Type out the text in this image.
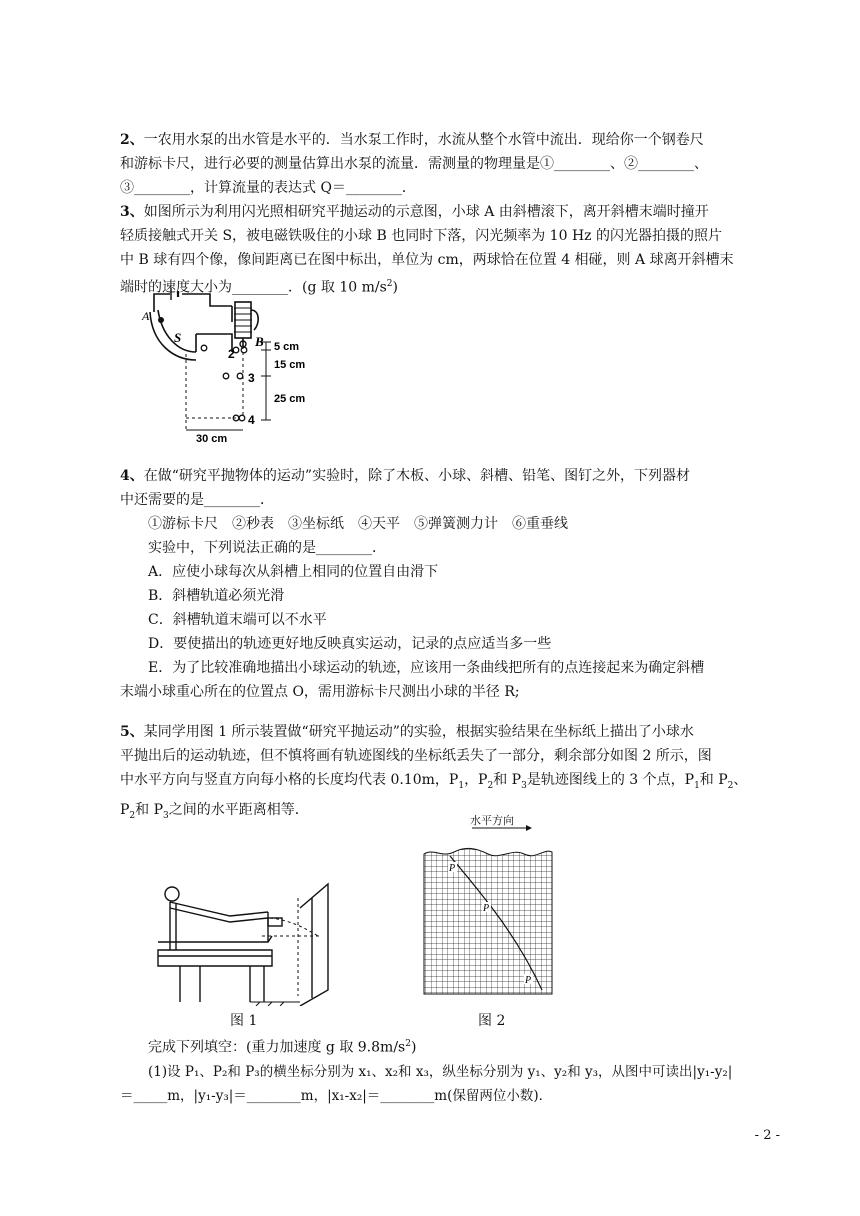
2、一农用水泵的出水管是水平的．当水泵工作时，水流从整个水管中流出．现给你一个钢卷尺

和游标卡尺，进行必要的测量估算出水泵的流量．需测量的物理量是①________、②________、

③________，计算流量的表达式 Q＝________．

3、如图所示为利用闪光照相研究平抛运动的示意图，小球 A 由斜槽滚下，离开斜槽末端时撞开

轻质接触式开关 S，被电磁铁吸住的小球 B 也同时下落，闪光频率为 10 Hz 的闪光器拍摄的照片

中 B 球有四个像，像间距离已在图中标出，单位为 cm，两球恰在位置 4 相碰，则 A 球离开斜槽末

端时的速度大小为________．(g 取 10 $m/s^2$)

A
S	B
2
3
4
5 cm
15 cm
25 cm
30 cm

4、在做“研究平抛物体的运动”实验时，除了木板、小球、斜槽、铅笔、图钉之外，下列器材

中还需要的是________．

①游标卡尺　②秒表　③坐标纸　④天平　⑤弹簧测力计　⑥重垂线

实验中，下列说法正确的是________．

A．应使小球每次从斜槽上相同的位置自由滑下

B．斜槽轨道必须光滑

C．斜槽轨道末端可以不水平

D．要使描出的轨迹更好地反映真实运动，记录的点应适当多一些

E．为了比较准确地描出小球运动的轨迹，应该用一条曲线把所有的点连接起来为确定斜槽

末端小球重心所在的位置点 O，需用游标卡尺测出小球的半径 R;

5、某同学用图 1 所示装置做“研究平抛运动”的实验，根据实验结果在坐标纸上描出了小球水

平抛出后的运动轨迹，但不慎将画有轨迹图线的坐标纸丢失了一部分，剩余部分如图 2 所示，图

中水平方向与竖直方向每小格的长度均代表 0.10m，$P_1$，$P_2$和 $P_3$是轨迹图线上的 3 个点，$P_1$和 $P_2$、

$P_2$和 $P_3$之间的水平距离相等．

图 1
水平方向
P
P
P
图 2

完成下列填空：(重力加速度 g 取 $9.8m/s^2$)

(1)设 P₁、P₂和 P₃的横坐标分别为 x₁、x₂和 x₃，纵坐标分别为 y₁、y₂和 y₃，从图中可读出|y₁-y₂|

＝_____m，|y₁-y₃|＝________m，|x₁-x₂|＝________m(保留两位小数)．

- 2 -
